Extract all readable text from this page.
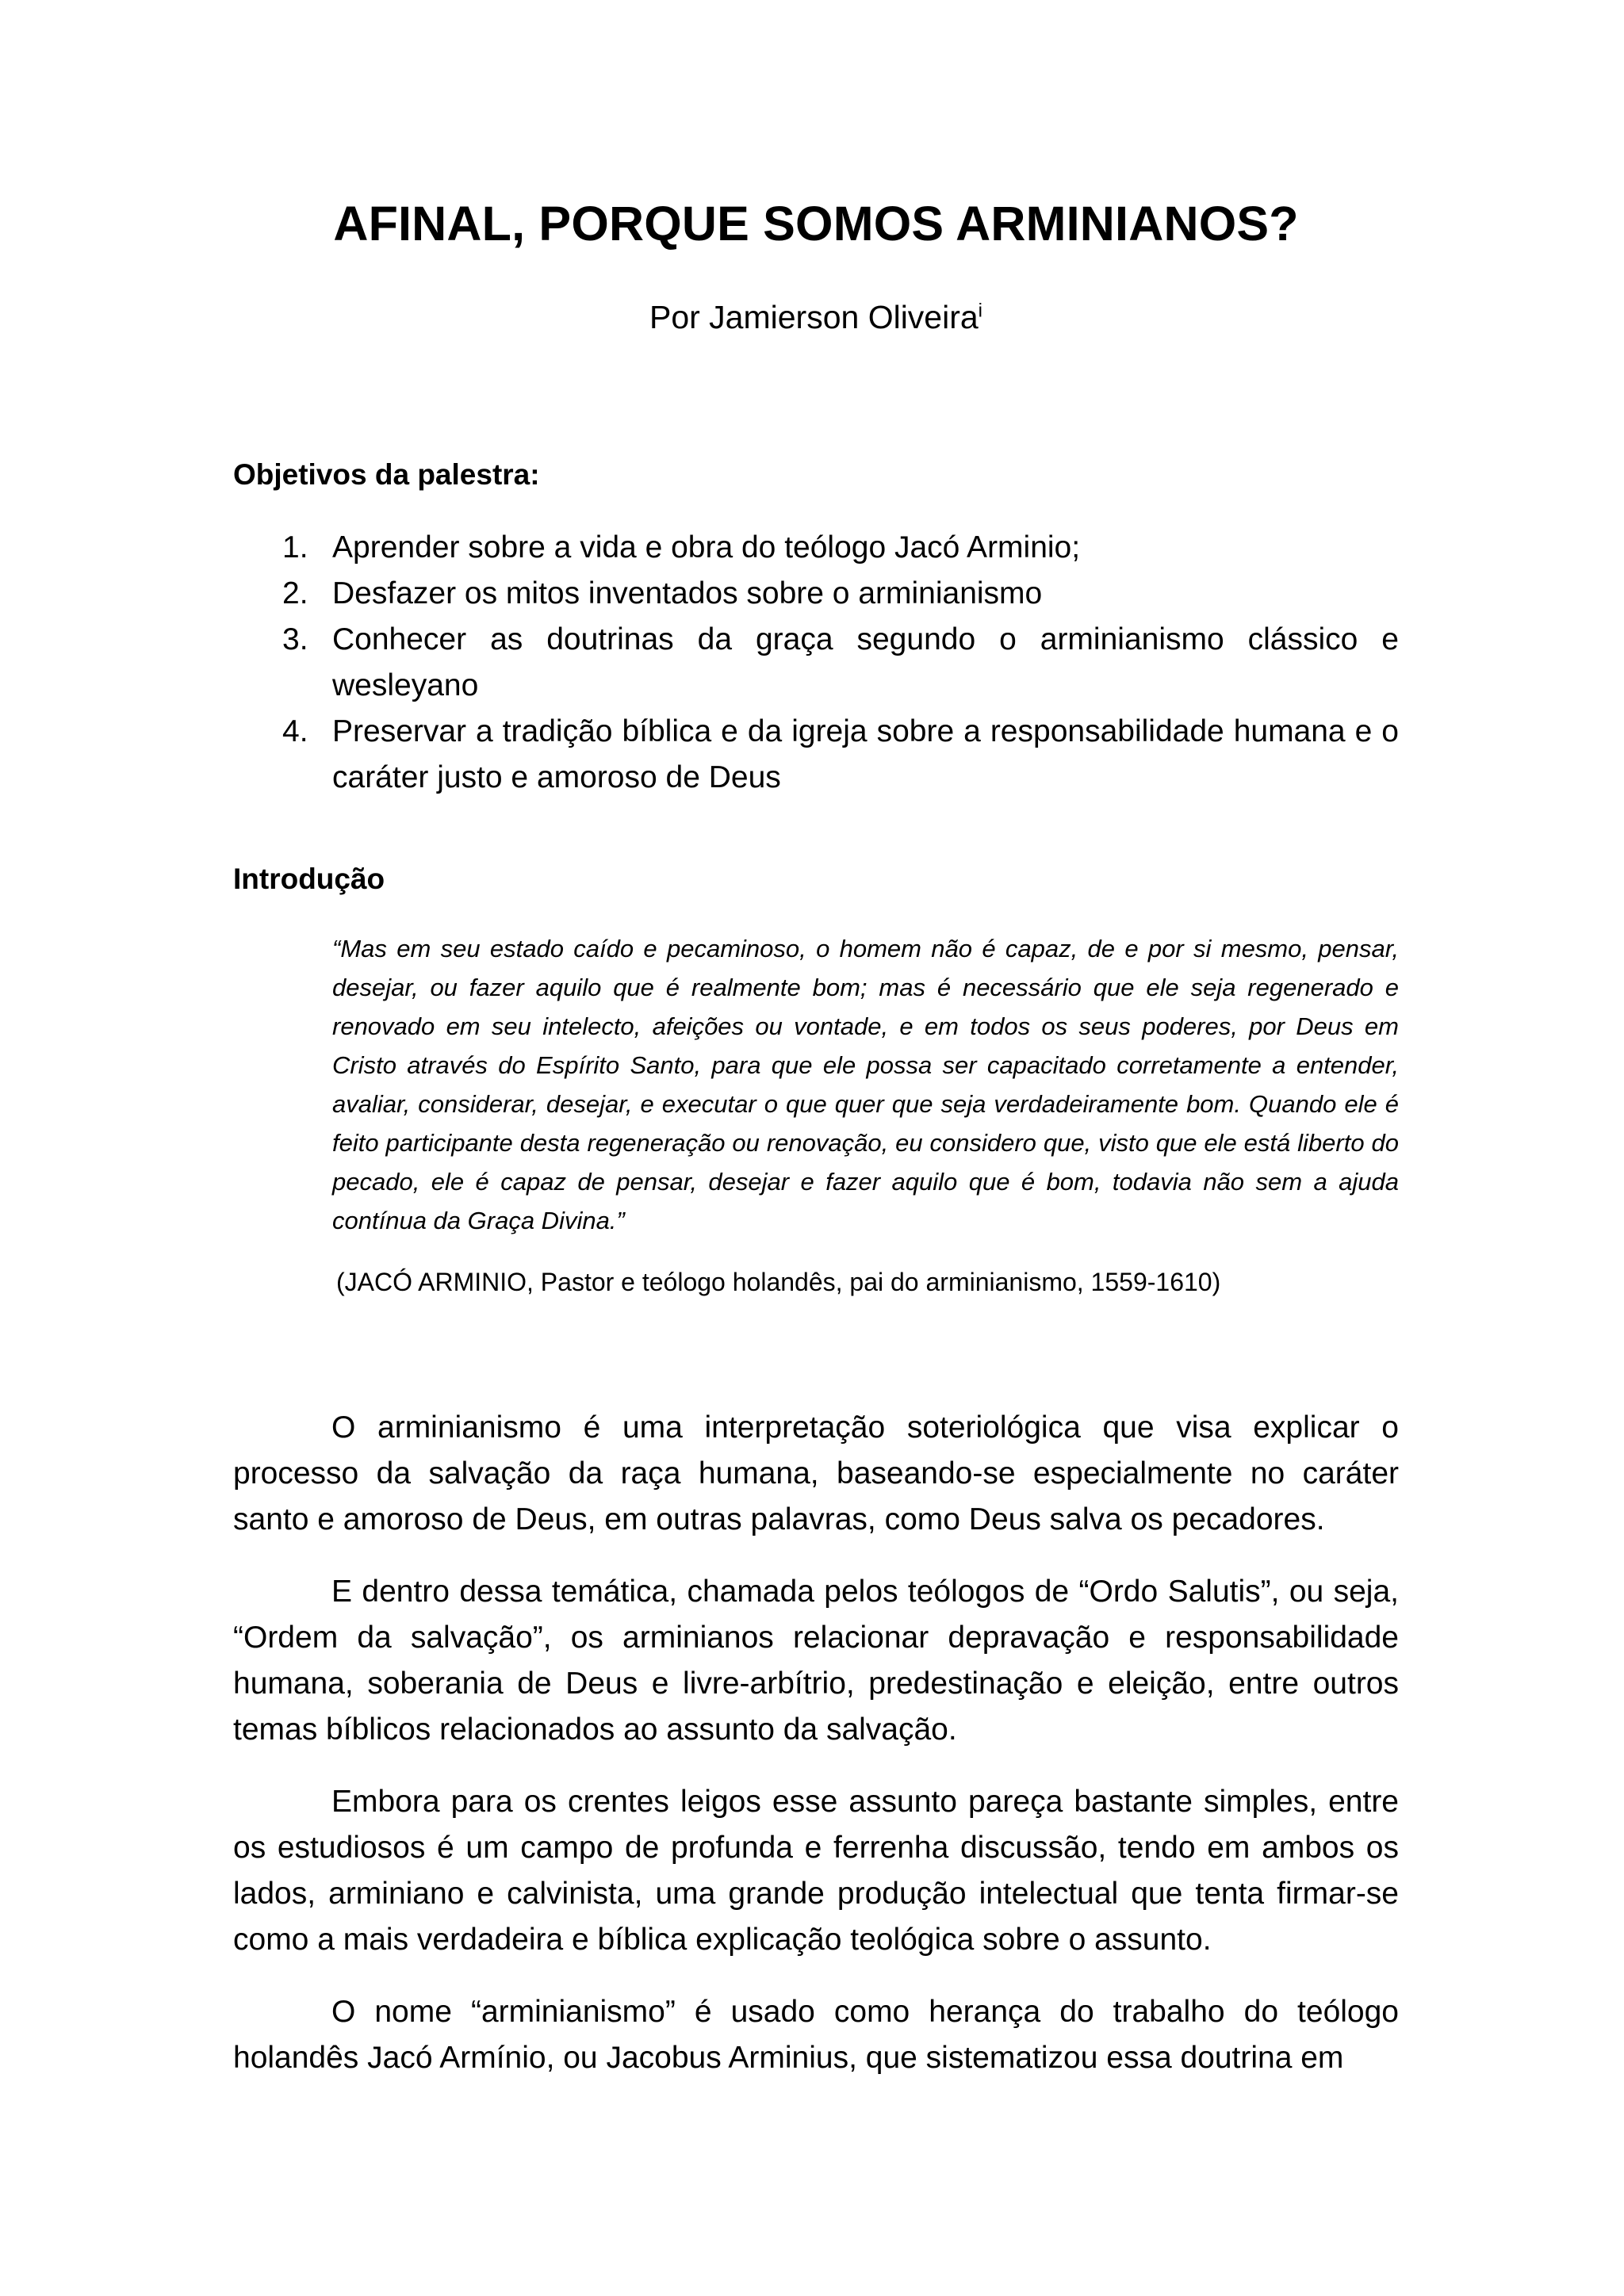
AFINAL, PORQUE SOMOS ARMINIANOS?
Por Jamierson Oliveira$^i$
Objetivos da palestra:
1. Aprender sobre a vida e obra do teólogo Jacó Arminio;
2. Desfazer os mitos inventados sobre o arminianismo
3. Conhecer as doutrinas da graça segundo o arminianismo clássico e wesleyano
4. Preservar a tradição bíblica e da igreja sobre a responsabilidade humana e o caráter justo e amoroso de Deus
Introdução

“Mas em seu estado caído e pecaminoso, o homem não é capaz, de e por si mesmo, pensar, desejar, ou fazer aquilo que é realmente bom; mas é necessário que ele seja regenerado e renovado em seu intelecto, afeições ou vontade, e em todos os seus poderes, por Deus em Cristo através do Espírito Santo, para que ele possa ser capacitado corretamente a entender, avaliar, considerar, desejar, e executar o que quer que seja verdadeiramente bom. Quando ele é feito participante desta regeneração ou renovação, eu considero que, visto que ele está liberto do pecado, ele é capaz de pensar, desejar e fazer aquilo que é bom, todavia não sem a ajuda contínua da Graça Divina.”

(JACÓ ARMINIO, Pastor e teólogo holandês, pai do arminianismo, 1559-1610)

O arminianismo é uma interpretação soteriológica que visa explicar o processo da salvação da raça humana, baseando-se especialmente no caráter santo e amoroso de Deus, em outras palavras, como Deus salva os pecadores.

E dentro dessa temática, chamada pelos teólogos de “Ordo Salutis”, ou seja, “Ordem da salvação”, os arminianos relacionar depravação e responsabilidade humana, soberania de Deus e livre-arbítrio, predestinação e eleição, entre outros temas bíblicos relacionados ao assunto da salvação.

Embora para os crentes leigos esse assunto pareça bastante simples, entre os estudiosos é um campo de profunda e ferrenha discussão, tendo em ambos os lados, arminiano e calvinista, uma grande produção intelectual que tenta firmar-se como a mais verdadeira e bíblica explicação teológica sobre o assunto.

O nome “arminianismo” é usado como herança do trabalho do teólogo holandês Jacó Armínio, ou Jacobus Arminius, que sistematizou essa doutrina em
